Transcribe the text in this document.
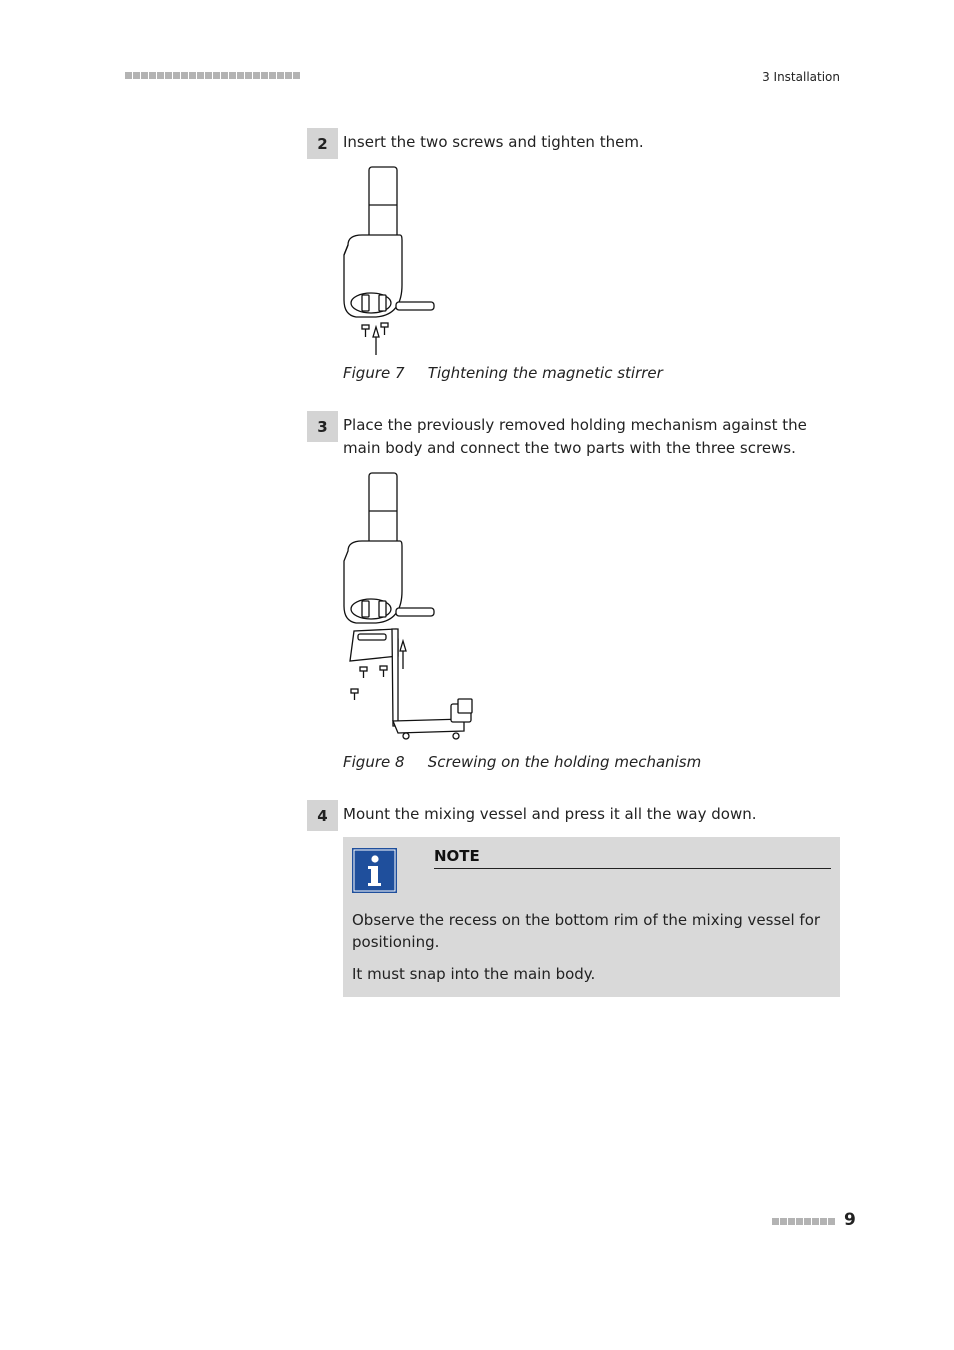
3 Installation
2	Insert the two screws and tighten them.
Figure 7 Tightening the magnetic stirrer
3	Place the previously removed holding mechanism against the main body and connect the two parts with the three screws.
Figure 8 Screwing on the holding mechanism
4	Mount the mixing vessel and press it all the way down.
NOTE

Observe the recess on the bottom rim of the mixing vessel for positioning.

It must snap into the main body.

9
